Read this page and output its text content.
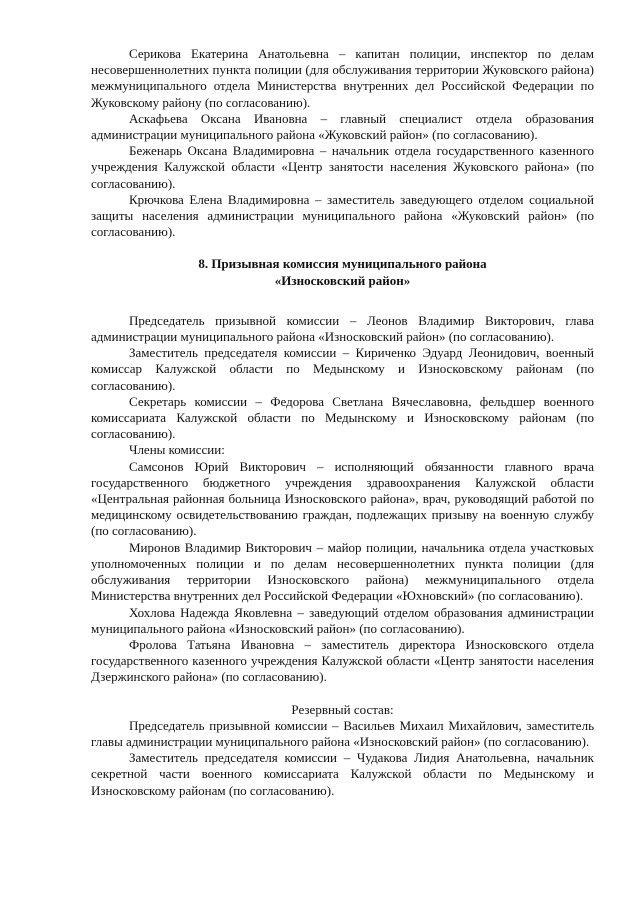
Серикова Екатерина Анатольевна – капитан полиции, инспектор по делам несовершеннолетних пункта полиции (для обслуживания территории Жуковского района) межмуниципального отдела Министерства внутренних дел Российской Федерации по Жуковскому району (по согласованию).

Аскафьева Оксана Ивановна – главный специалист отдела образования администрации муниципального района «Жуковский район» (по согласованию).

Беженарь Оксана Владимировна – начальник отдела государственного казенного учреждения Калужской области «Центр занятости населения Жуковского района» (по согласованию).

Крючкова Елена Владимировна – заместитель заведующего отделом социальной защиты населения администрации муниципального района «Жуковский район» (по согласованию).

8. Призывная комиссия муниципального района

«Износковский район»

Председатель призывной комиссии – Леонов Владимир Викторович, глава администрации муниципального района «Износковский район» (по согласованию).

Заместитель председателя комиссии – Кириченко Эдуард Леонидович, военный комиссар Калужской области по Медынскому и Износковскому районам (по согласованию).

Секретарь комиссии – Федорова Светлана Вячеславовна, фельдшер военного комиссариата Калужской области по Медынскому и Износковскому районам (по согласованию).

Члены комиссии:

Самсонов Юрий Викторович – исполняющий обязанности главного врача государственного бюджетного учреждения здравоохранения Калужской области «Центральная районная больница Износковского района», врач, руководящий работой по медицинскому освидетельствованию граждан, подлежащих призыву на военную службу (по согласованию).

Миронов Владимир Викторович – майор полиции, начальника отдела участковых уполномоченных полиции и по делам несовершеннолетних пункта полиции (для обслуживания территории Износковского района) межмуниципального отдела Министерства внутренних дел Российской Федерации «Юхновский» (по согласованию).

Хохлова Надежда Яковлевна – заведующий отделом образования администрации муниципального района «Износковский район» (по согласованию).

Фролова Татьяна Ивановна – заместитель директора Износковского отдела государственного казенного учреждения Калужской области «Центр занятости населения Дзержинского района» (по согласованию).

Резервный состав:

Председатель призывной комиссии – Васильев Михаил Михайлович, заместитель главы администрации муниципального района «Износковский район» (по согласованию).

Заместитель председателя комиссии – Чудакова Лидия Анатольевна, начальник секретной части военного комиссариата Калужской области по Медынскому и Износковскому районам (по согласованию).
